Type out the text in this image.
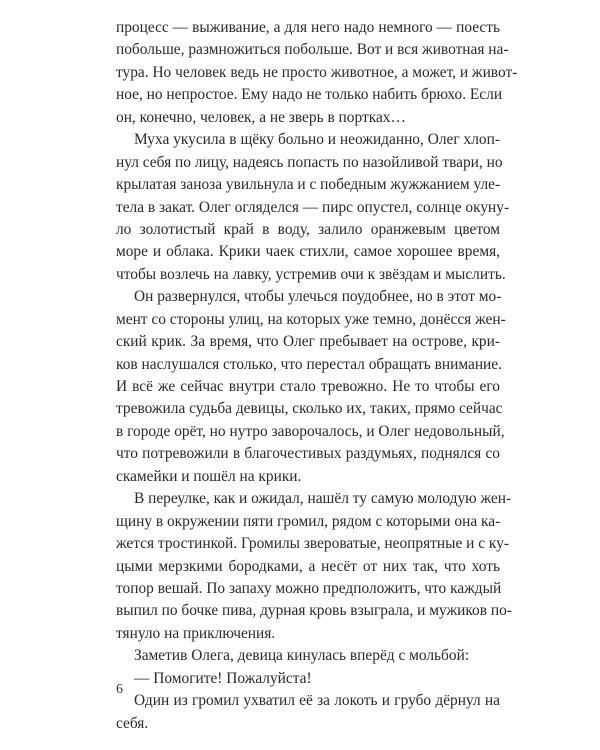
процесс — выживание, а для него надо немного — поесть
побольше, размножиться побольше. Вот и вся животная на-
тура. Но человек ведь не просто животное, а может, и живот-
ное, но непростое. Ему надо не только набить брюхо. Если
он, конечно, человек, а не зверь в портках…
Муха укусила в щёку больно и неожиданно, Олег хлоп-
нул себя по лицу, надеясь попасть по назойливой твари, но
крылатая заноза увильнула и с победным жужжанием уле-
тела в закат. Олег огляделся — пирс опустел, солнце окуну-
ло золотистый край в воду, залило оранжевым цветом
море и облака. Крики чаек стихли, самое хорошее время,
чтобы возлечь на лавку, устремив очи к звёздам и мыслить.
Он развернулся, чтобы улечься поудобнее, но в этот мо-
мент со стороны улиц, на которых уже темно, донёсся жен-
ский крик. За время, что Олег пребывает на острове, кри-
ков наслушался столько, что перестал обращать внимание.
И всё же сейчас внутри стало тревожно. Не то чтобы его
тревожила судьба девицы, сколько их, таких, прямо сейчас
в городе орёт, но нутро заворочалось, и Олег недовольный,
что потревожили в благочестивых раздумьях, поднялся со
скамейки и пошёл на крики.
В переулке, как и ожидал, нашёл ту самую молодую жен-
щину в окружении пяти громил, рядом с которыми она ка-
жется тростинкой. Громилы звероватые, неопрятные и с ку-
цыми мерзкими бородками, а несёт от них так, что хоть
топор вешай. По запаху можно предположить, что каждый
выпил по бочке пива, дурная кровь взыграла, и мужиков по-
тянуло на приключения.
Заметив Олега, девица кинулась вперёд с мольбой:
— Помогите! Пожалуйста!
Один из громил ухватил её за локоть и грубо дёрнул на
себя.
6
